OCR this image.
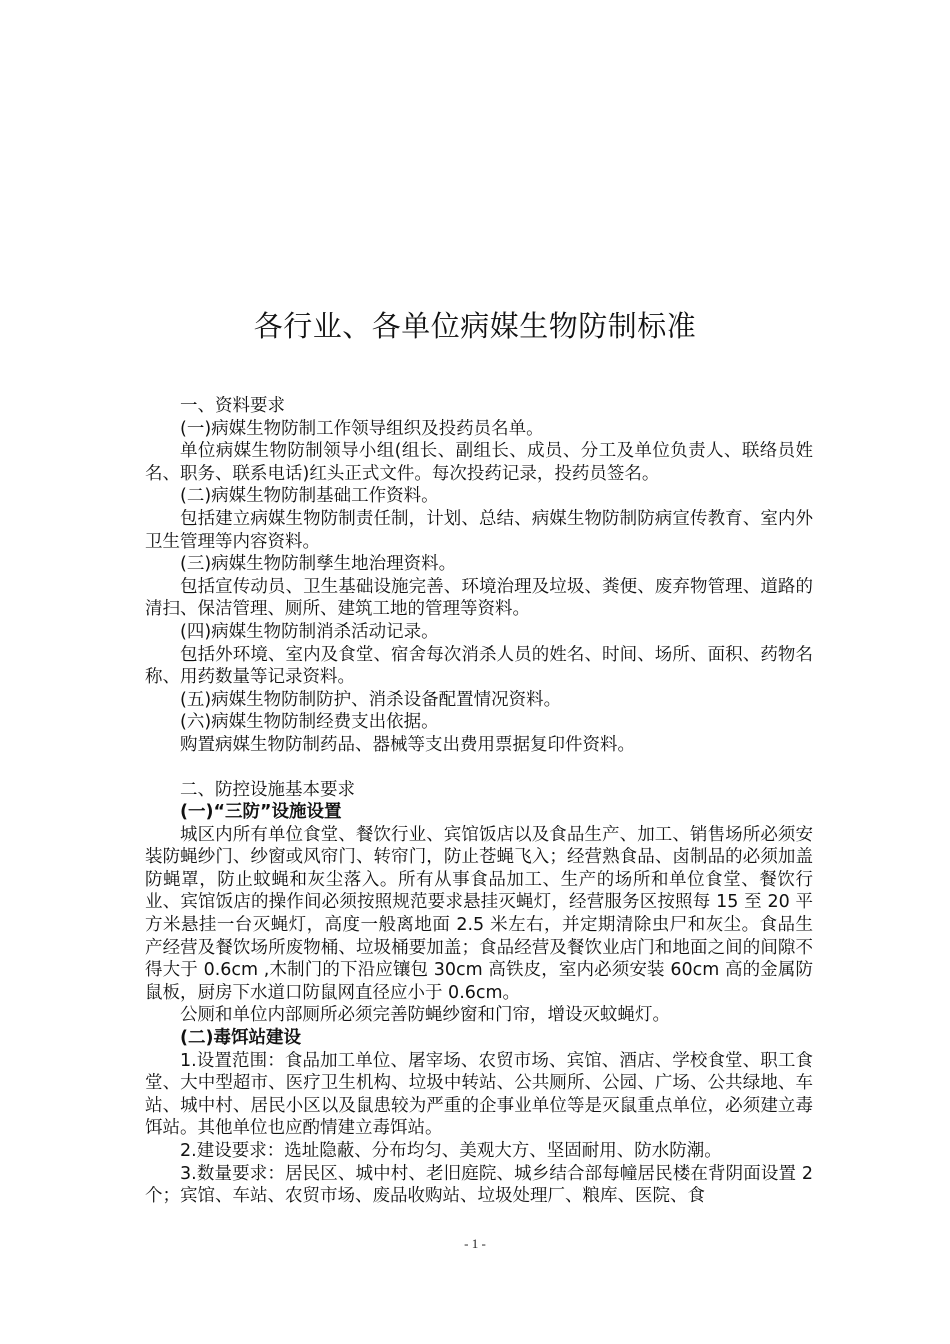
各行业、各单位病媒生物防制标准

一、资料要求

(一)病媒生物防制工作领导组织及投药员名单。

单位病媒生物防制领导小组(组长、副组长、成员、分工及单位负责人、联络员姓名、职务、联系电话)红头正式文件。每次投药记录，投药员签名。

(二)病媒生物防制基础工作资料。

包括建立病媒生物防制责任制，计划、总结、病媒生物防制防病宣传教育、室内外卫生管理等内容资料。

(三)病媒生物防制孳生地治理资料。

包括宣传动员、卫生基础设施完善、环境治理及垃圾、粪便、废弃物管理、道路的清扫、保洁管理、厕所、建筑工地的管理等资料。

(四)病媒生物防制消杀活动记录。

包括外环境、室内及食堂、宿舍每次消杀人员的姓名、时间、场所、面积、药物名称、用药数量等记录资料。

(五)病媒生物防制防护、消杀设备配置情况资料。

(六)病媒生物防制经费支出依据。

购置病媒生物防制药品、器械等支出费用票据复印件资料。

二、防控设施基本要求

(一)“三防”设施设置

城区内所有单位食堂、餐饮行业、宾馆饭店以及食品生产、加工、销售场所必须安装防蝇纱门、纱窗或风帘门、转帘门，防止苍蝇飞入；经营熟食品、卤制品的必须加盖防蝇罩，防止蚊蝇和灰尘落入。所有从事食品加工、生产的场所和单位食堂、餐饮行业、宾馆饭店的操作间必须按照规范要求悬挂灭蝇灯，经营服务区按照每 15 至 20 平方米悬挂一台灭蝇灯，高度一般离地面 2.5 米左右，并定期清除虫尸和灰尘。食品生产经营及餐饮场所废物桶、垃圾桶要加盖；食品经营及餐饮业店门和地面之间的间隙不得大于 0.6cm ,木制门的下沿应镶包 30cm 高铁皮，室内必须安装 60cm 高的金属防鼠板，厨房下水道口防鼠网直径应小于 0.6cm。

公厕和单位内部厕所必须完善防蝇纱窗和门帘，增设灭蚊蝇灯。

(二)毒饵站建设

1.设置范围：食品加工单位、屠宰场、农贸市场、宾馆、酒店、学校食堂、职工食堂、大中型超市、医疗卫生机构、垃圾中转站、公共厕所、公园、广场、公共绿地、车站、城中村、居民小区以及鼠患较为严重的企事业单位等是灭鼠重点单位，必须建立毒饵站。其他单位也应酌情建立毒饵站。

2.建设要求：选址隐蔽、分布均匀、美观大方、坚固耐用、防水防潮。

3.数量要求：居民区、城中村、老旧庭院、城乡结合部每幢居民楼在背阴面设置 2 个；宾馆、车站、农贸市场、废品收购站、垃圾处理厂、粮库、医院、食

- 1 -
